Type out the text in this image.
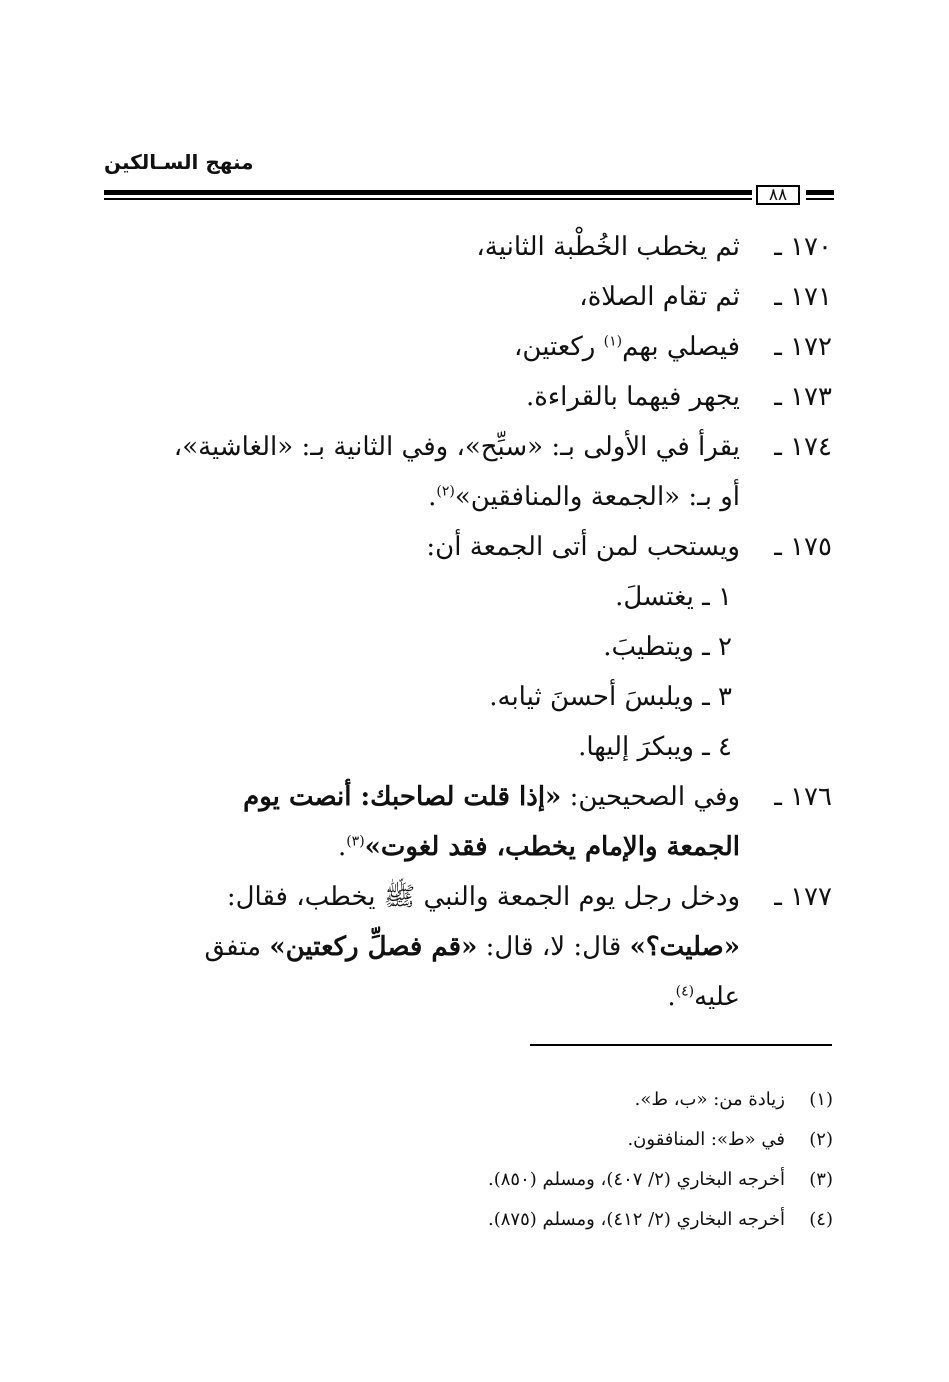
منهج السـالكين
٨٨
١٧٠ ـ
ثم يخطب الخُطْبة الثانية،
١٧١ ـ
ثم تقام الصلاة،
١٧٢ ـ
فيصلي بهم$^{(١)}$ ركعتين،
١٧٣ ـ
يجهر فيهما بالقراءة.
١٧٤ ـ
يقرأ في الأولى بـ: «سبِّح»، وفي الثانية بـ: «الغاشية»،
أو بـ: «الجمعة والمنافقين»$^{(٢)}$.
١٧٥ ـ
ويستحب لمن أتى الجمعة أن:
١ ـ يغتسلَ.
٢ ـ ويتطيبَ.
٣ ـ ويلبسَ أحسنَ ثيابه.
٤ ـ ويبكرَ إليها.
١٧٦ ـ
وفي الصحيحين: «إذا قلت لصاحبك: أنصت يوم
الجمعة والإمام يخطب، فقد لغوت»$^{(٣)}$.
١٧٧ ـ
ودخل رجل يوم الجمعة والنبي ﷺ يخطب، فقال:
«صليت؟» قال: لا، قال: «قم فصلِّ ركعتين» متفق
عليه$^{(٤)}$.
(١)
زيادة من: «ب، ط».
(٢)
في «ط»: المنافقون.
(٣)
أخرجه البخاري (٢/ ٤٠٧)، ومسلم (٨٥٠).
(٤)
أخرجه البخاري (٢/ ٤١٢)، ومسلم (٨٧٥).
